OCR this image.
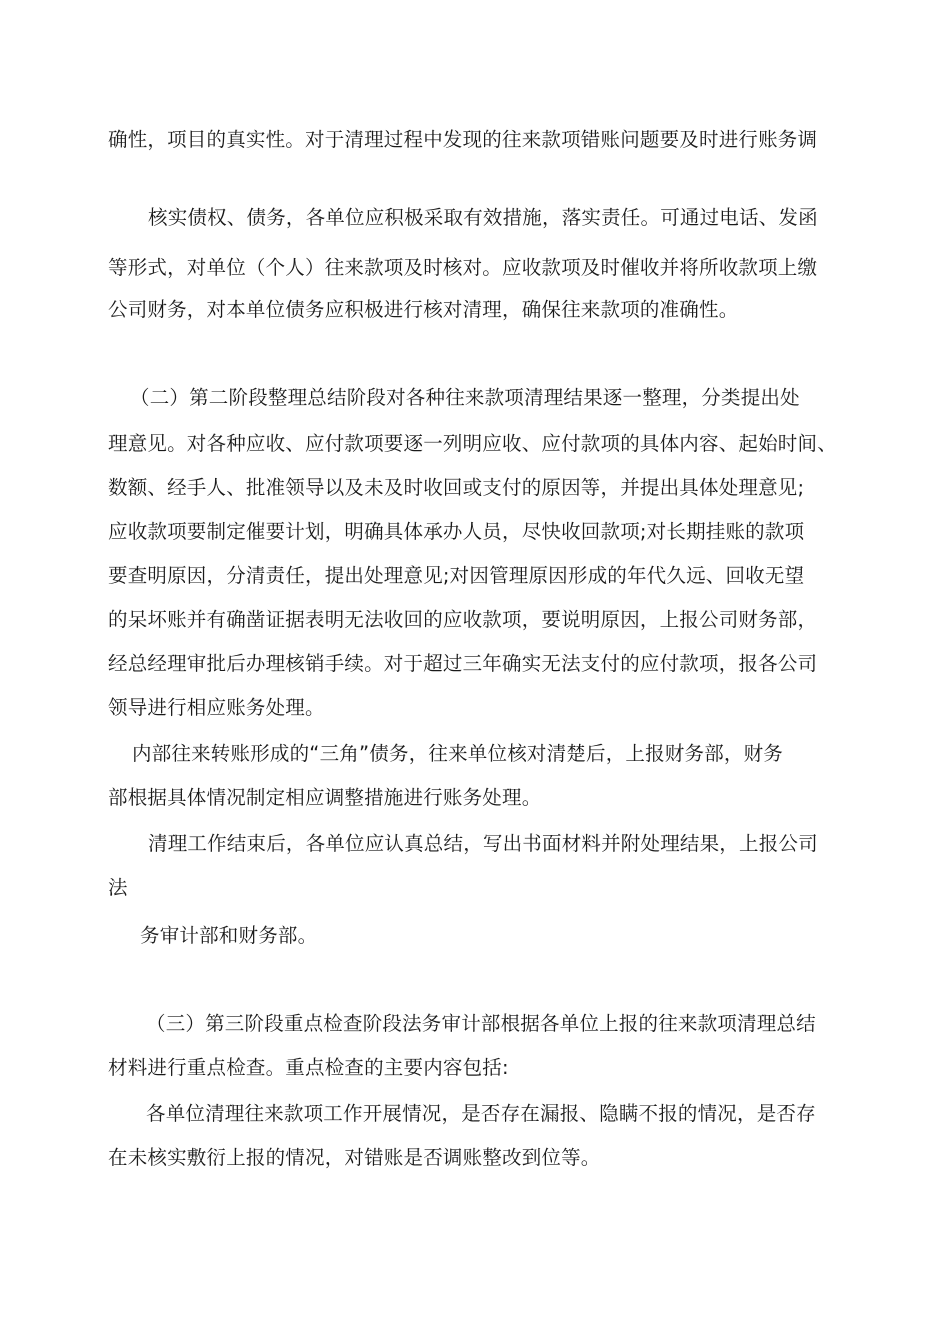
确性，项目的真实性。对于清理过程中发现的往来款项错账问题要及时进行账务调
核实债权、债务，各单位应积极采取有效措施，落实责任。可通过电话、发函
等形式，对单位（个人）往来款项及时核对。应收款项及时催收并将所收款项上缴
公司财务，对本单位债务应积极进行核对清理，确保往来款项的准确性。
（二）第二阶段整理总结阶段对各种往来款项清理结果逐一整理，分类提出处
理意见。对各种应收、应付款项要逐一列明应收、应付款项的具体内容、起始时间、
数额、经手人、批准领导以及未及时收回或支付的原因等，并提出具体处理意见;
应收款项要制定催要计划，明确具体承办人员，尽快收回款项;对长期挂账的款项
要查明原因，分清责任，提出处理意见;对因管理原因形成的年代久远、回收无望
的呆坏账并有确凿证据表明无法收回的应收款项，要说明原因，上报公司财务部，
经总经理审批后办理核销手续。对于超过三年确实无法支付的应付款项，报各公司
领导进行相应账务处理。
内部往来转账形成的“三角”债务，往来单位核对清楚后，上报财务部，财务
部根据具体情况制定相应调整措施进行账务处理。
清理工作结束后，各单位应认真总结，写出书面材料并附处理结果，上报公司
法
务审计部和财务部。
（三）第三阶段重点检查阶段法务审计部根据各单位上报的往来款项清理总结
材料进行重点检查。重点检查的主要内容包括:
各单位清理往来款项工作开展情况，是否存在漏报、隐瞒不报的情况，是否存
在未核实敷衍上报的情况，对错账是否调账整改到位等。
